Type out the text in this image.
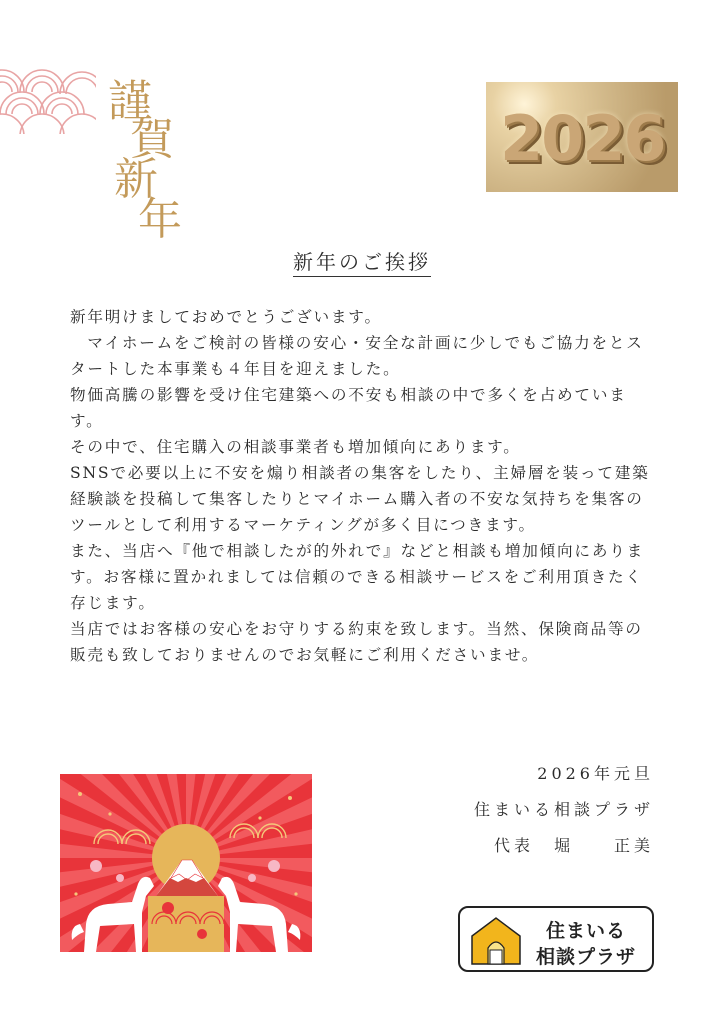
謹
賀
新
年
2026
新年のご挨拶

新年明けましておめでとうございます。

　マイホームをご検討の皆様の安心・安全な計画に少しでもご協力をとスタートした本事業も４年目を迎えました。

物価高騰の影響を受け住宅建築への不安も相談の中で多くを占めています。

その中で、住宅購入の相談事業者も増加傾向にあります。

SNSで必要以上に不安を煽り相談者の集客をしたり、主婦層を装って建築経験談を投稿して集客したりとマイホーム購入者の不安な気持ちを集客のツールとして利用するマーケティングが多く目につきます。

また、当店へ『他で相談したが的外れで』などと相談も増加傾向にあります。お客様に置かれましては信頼のできる相談サービスをご利用頂きたく存じます。

当店ではお客様の安心をお守りする約束を致します。当然、保険商品等の販売も致しておりませんのでお気軽にご利用くださいませ。

2026年元旦
住まいる相談プラザ
代表　堀　　正美
住まいる
相談プラザ
